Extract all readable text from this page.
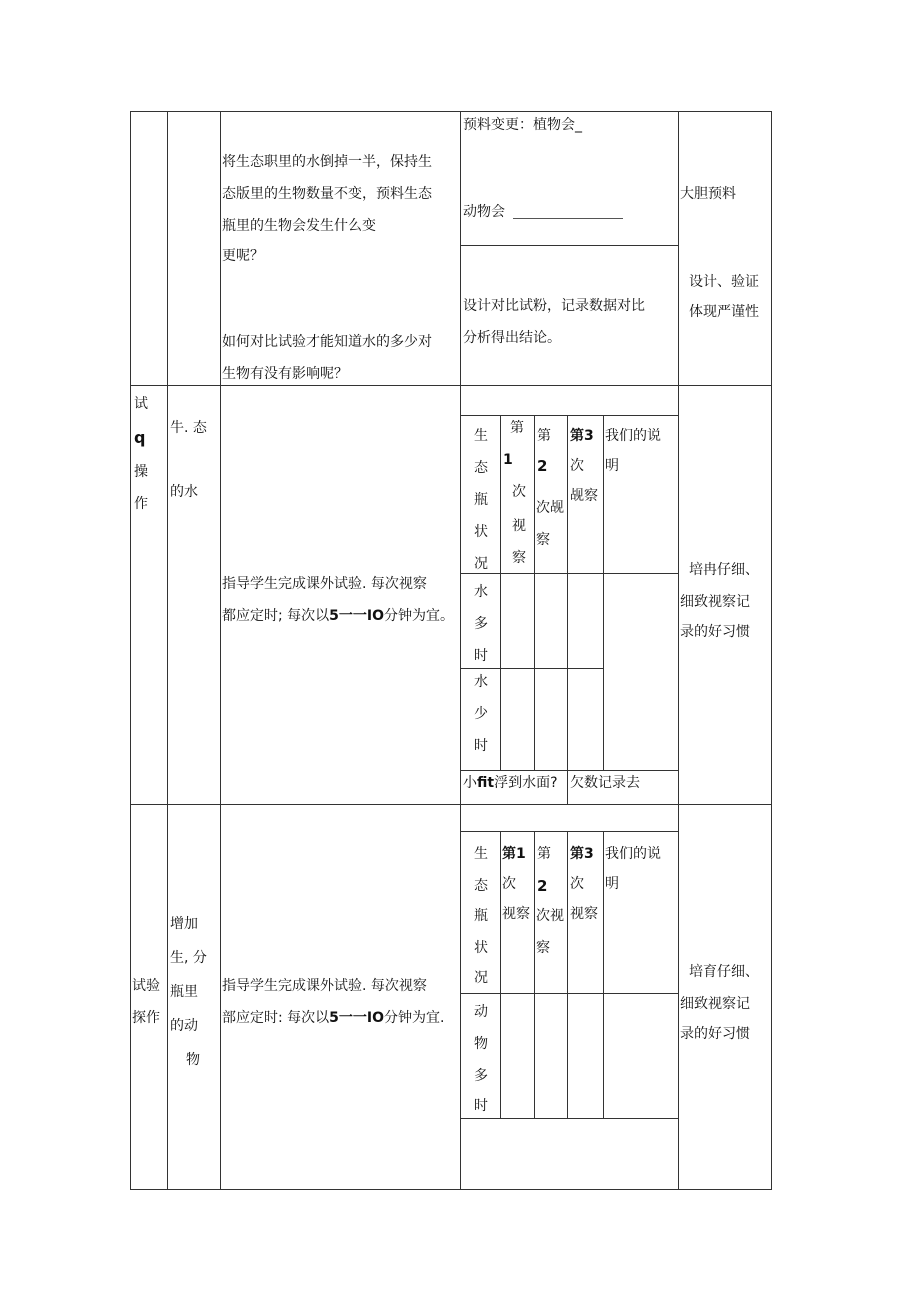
将生态职里的水倒掉一半，保持生
态版里的生物数量不变，预料生态
瓶里的生物会发生什么变
更呢？
如何对比试验才能知道水的多少对
生物有没有影响呢？
预料变更：植物会_
动物会
设计对比试粉，记录数据对比
分析得出结论。
大胆预料
设计、验证
体现严谨性
试
q
操
作
牛. 态
的水
指导学生完成课外试验. 每次视察
都应定时; 每次以5一一IO分钟为宜。
生
态
瓶
状
况
第
1
次
视
察
第
2
次觇
察
第3
次
觇察
我们的说
明
水
多
时
水
少
时
小fit浮到水面? 欠数记录去
培冉仔细、
细致视察记
录的好习惯
试验
探作
增加
生, 分
瓶里
的动
物
指导学生完成课外试验. 每次视察
部应定时: 每次以5一一IO分钟为宜.
生
态
瓶
状
况
第1
次
视察
第
2
次视
察
第3
次
视察
我们的说
明
动
物
多
时
培育仔细、
细致视察记
录的好习惯
